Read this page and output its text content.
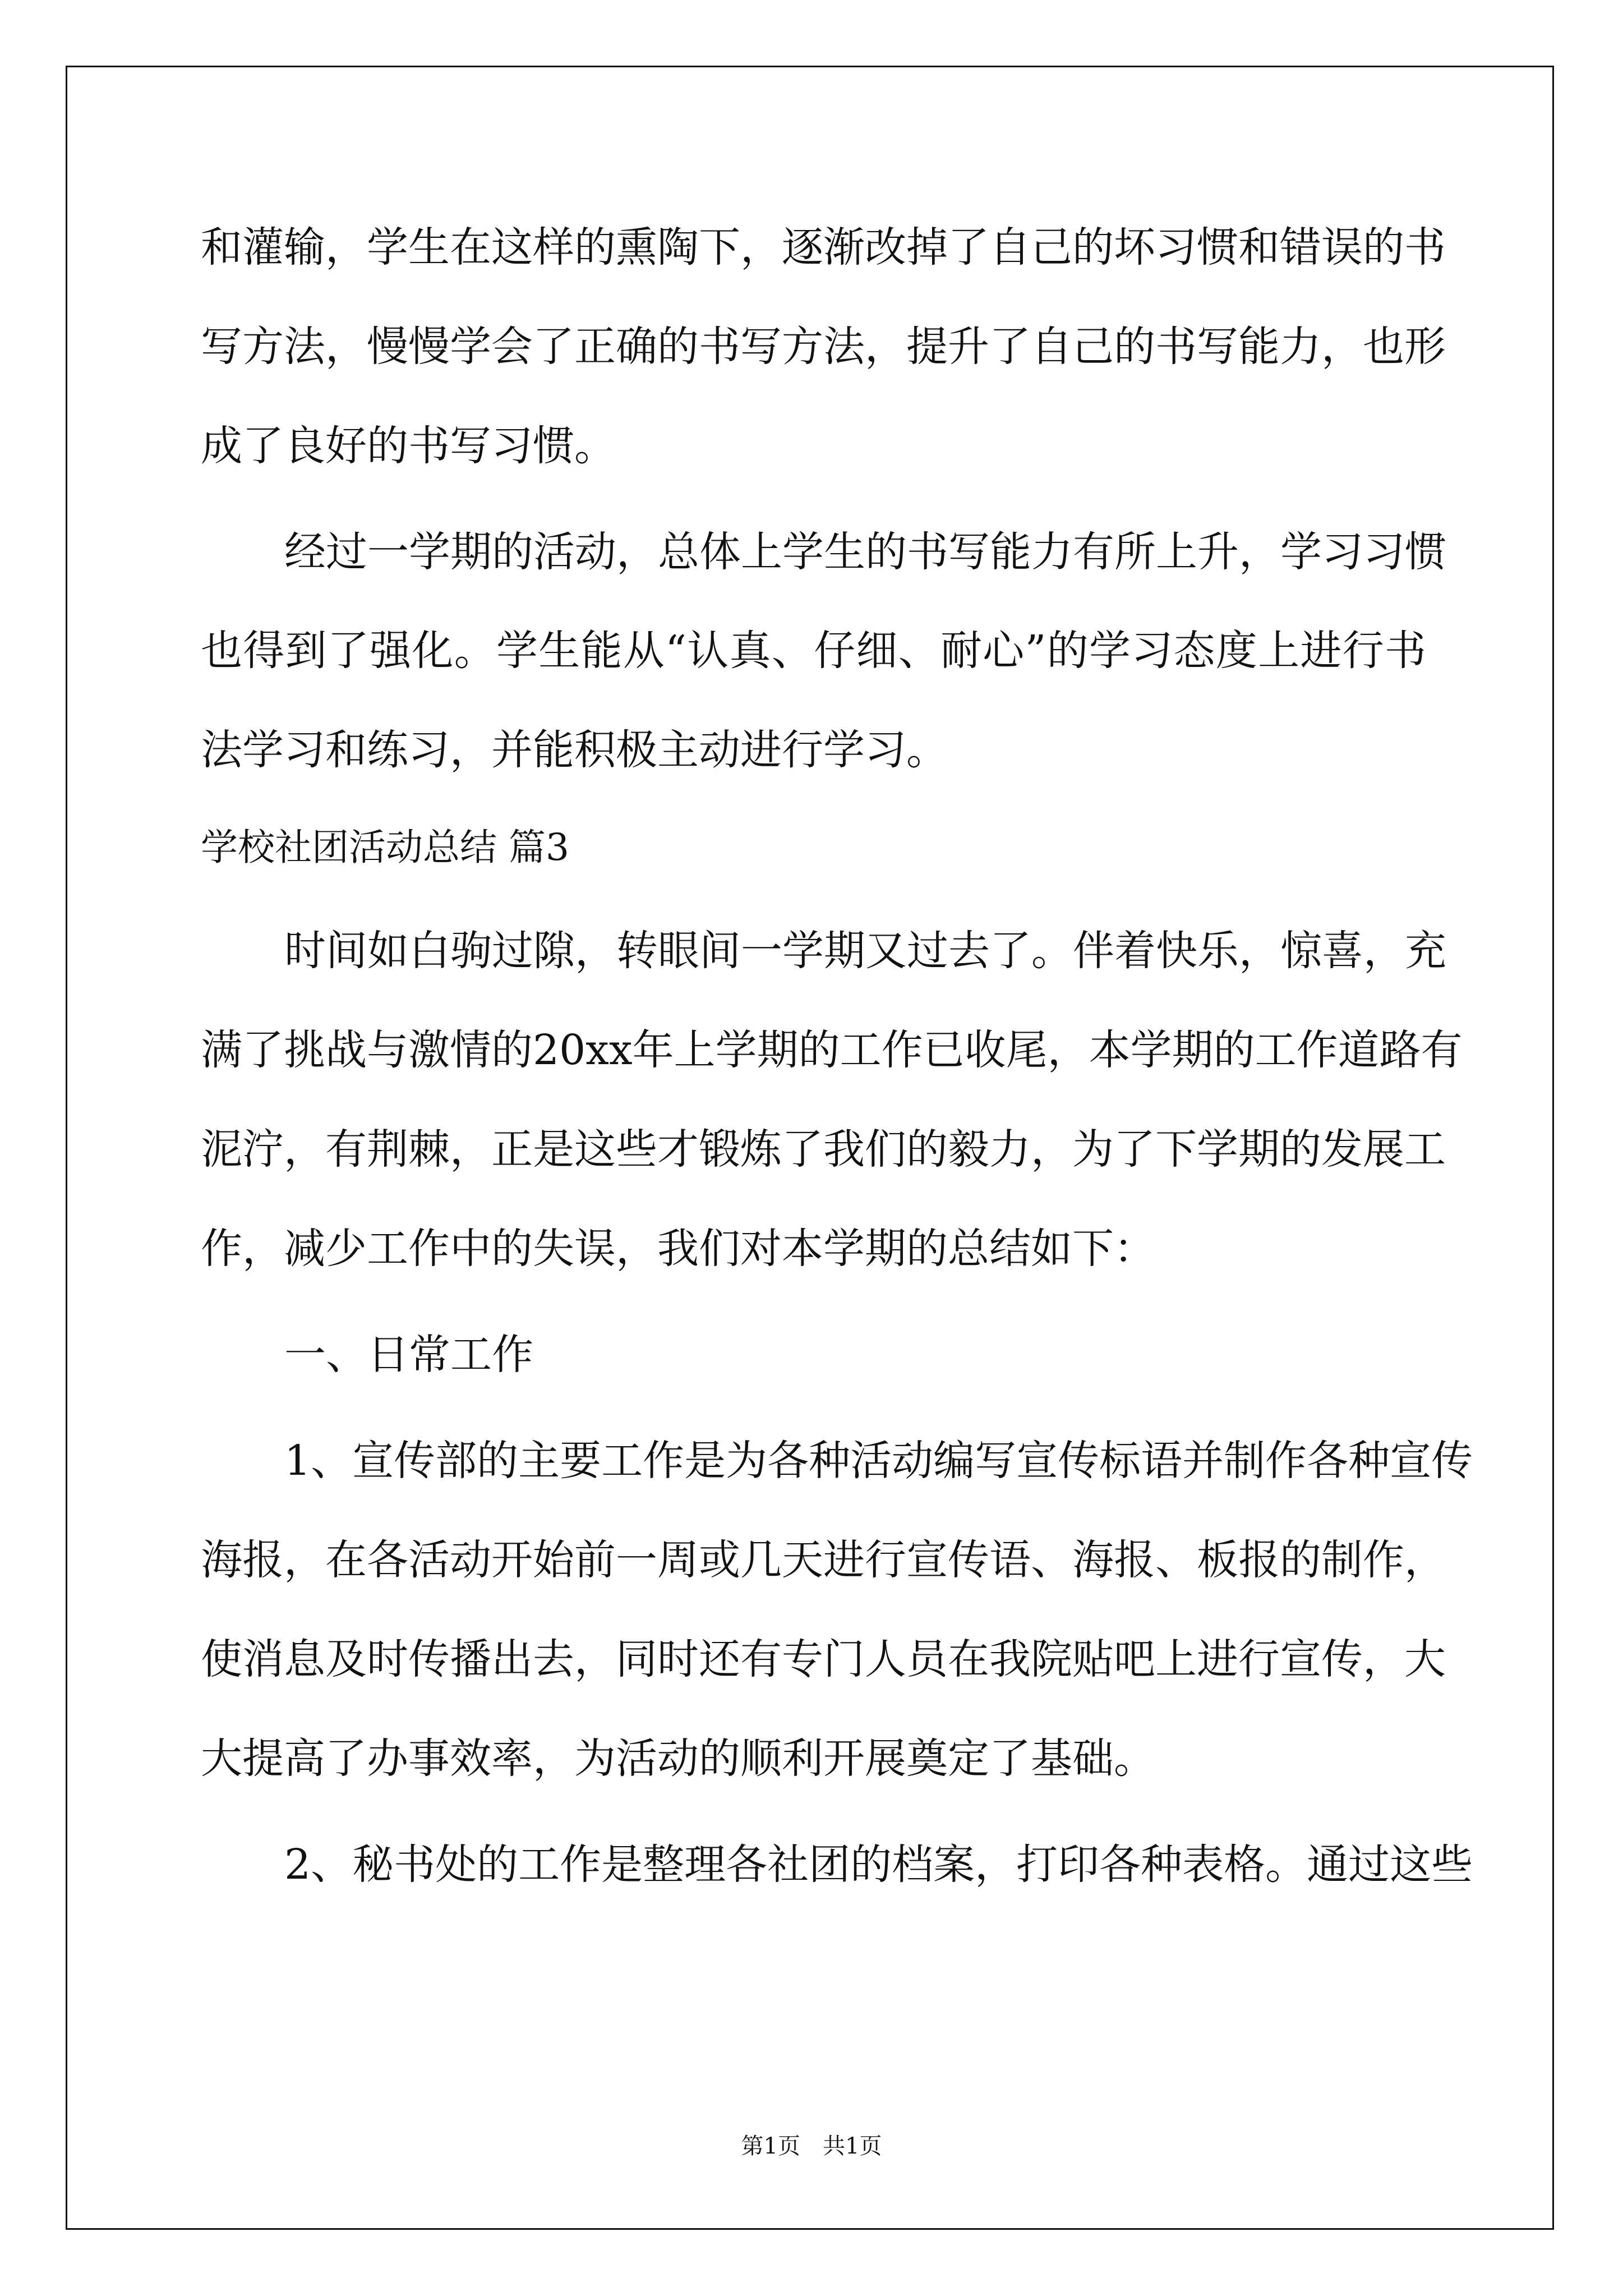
和灌输，学生在这样的熏陶下，逐渐改掉了自己的坏习惯和错误的书
写方法，慢慢学会了正确的书写方法，提升了自己的书写能力，也形
成了良好的书写习惯。
经过一学期的活动，总体上学生的书写能力有所上升，学习习惯
也得到了强化。学生能从“认真、仔细、耐心”的学习态度上进行书
法学习和练习，并能积极主动进行学习。
学校社团活动总结 篇3
时间如白驹过隙，转眼间一学期又过去了。伴着快乐，惊喜，充
满了挑战与激情的20xx年上学期的工作已收尾，本学期的工作道路有
泥泞，有荆棘，正是这些才锻炼了我们的毅力，为了下学期的发展工
作，减少工作中的失误，我们对本学期的总结如下：
一、日常工作
1、宣传部的主要工作是为各种活动编写宣传标语并制作各种宣传
海报，在各活动开始前一周或几天进行宣传语、海报、板报的制作，
使消息及时传播出去，同时还有专门人员在我院贴吧上进行宣传，大
大提高了办事效率，为活动的顺利开展奠定了基础。
2、秘书处的工作是整理各社团的档案，打印各种表格。通过这些
第1页　共1页
